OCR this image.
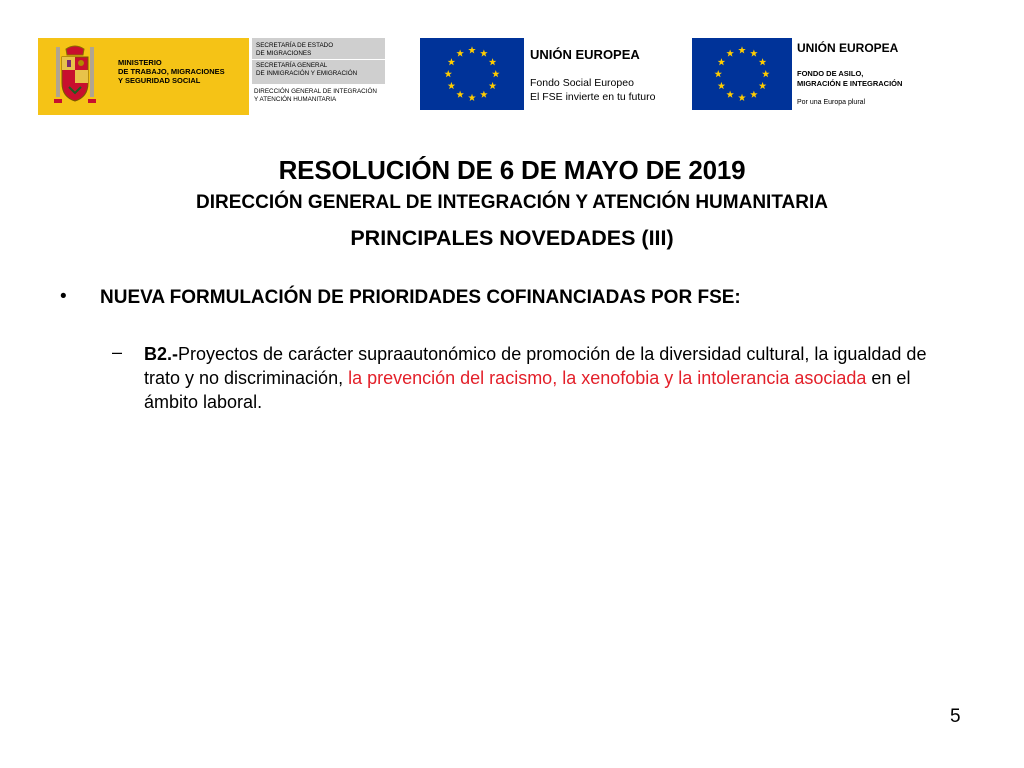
MINISTERIO
DE TRABAJO, MIGRACIONES
Y SEGURIDAD SOCIAL
SECRETARÍA DE ESTADO
DE MIGRACIONES
SECRETARÍA GENERAL
DE INMIGRACIÓN Y EMIGRACIÓN
DIRECCIÓN GENERAL DE INTEGRACIÓN
Y ATENCIÓN HUMANITARIA
UNIÓN EUROPEA
Fondo Social Europeo
El FSE invierte en tu futuro
UNIÓN EUROPEA
FONDO DE ASILO,
MIGRACIÓN E INTEGRACIÓN
Por una Europa plural
RESOLUCIÓN DE 6 DE MAYO DE 2019
DIRECCIÓN GENERAL DE INTEGRACIÓN Y ATENCIÓN HUMANITARIA
PRINCIPALES NOVEDADES (III)
• NUEVA FORMULACIÓN DE PRIORIDADES COFINANCIADAS POR FSE:
– B2.-Proyectos de carácter supraautonómico de promoción de la diversidad cultural, la igualdad de trato y no discriminación, la prevención del racismo, la xenofobia y la intolerancia asociada en el ámbito laboral.
5
